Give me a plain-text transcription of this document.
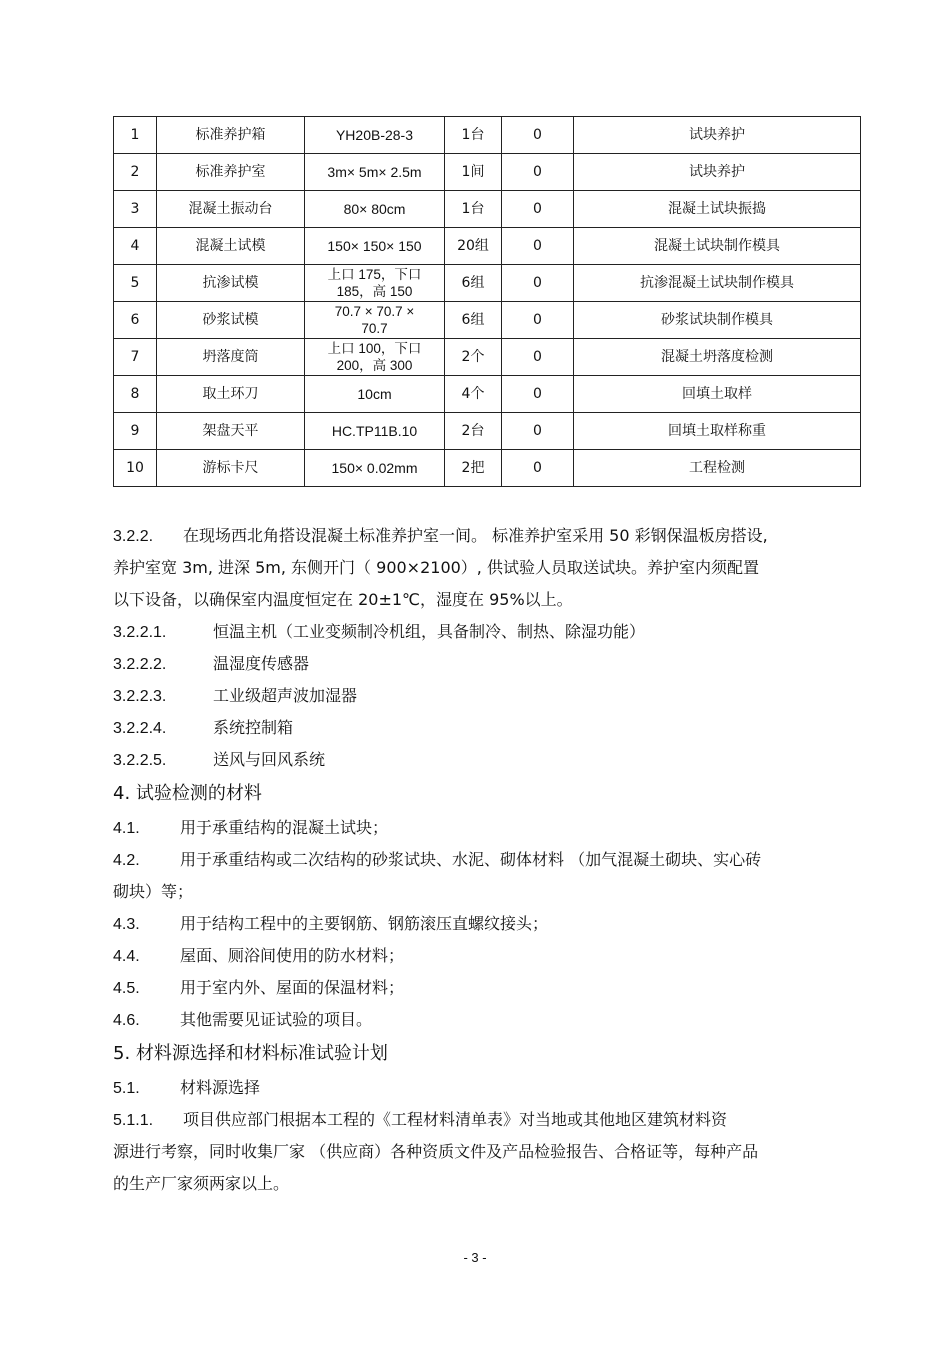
1	标准养护箱	YH20B-28-3	1台	0	试块养护
2	标准养护室	3m× 5m× 2.5m	1间	0	试块养护
3	混凝土振动台	80× 80cm	1台	0	混凝土试块振捣
4	混凝土试模	150× 150× 150	20组	0	混凝土试块制作模具
5	抗渗试模	上口 175，下口
185，高 150	6组	0	抗渗混凝土试块制作模具
6	砂浆试模	70.7 × 70.7 ×
70.7	6组	0	砂浆试块制作模具
7	坍落度筒	上口 100，下口
200，高 300	2个	0	混凝土坍落度检测
8	取土环刀	10cm	4个	0	回填土取样
9	架盘天平	HC.TP11B.10	2台	0	回填土取样称重
10	游标卡尺	150× 0.02mm	2把	0	工程检测
3.2.2. 在现场西北角搭设混凝土标准养护室一间。 标准养护室采用 50 彩钢保温板房搭设,
养护室宽 3m, 进深 5m, 东侧开门（ 900×2100）, 供试验人员取送试块。养护室内须配置
以下设备，以确保室内温度恒定在 20±1℃，湿度在 95%以上。
3.2.2.1.	恒温主机（工业变频制冷机组，具备制冷、制热、除湿功能）
3.2.2.2.	温湿度传感器
3.2.2.3.	工业级超声波加湿器
3.2.2.4.	系统控制箱
3.2.2.5.	送风与回风系统
4. 试验检测的材料
4.1.	用于承重结构的混凝土试块；
4.2.	用于承重结构或二次结构的砂浆试块、水泥、砌体材料 （加气混凝土砌块、实心砖
砌块）等；
4.3.	用于结构工程中的主要钢筋、钢筋滚压直螺纹接头；
4.4.	屋面、厕浴间使用的防水材料；
4.5.	用于室内外、屋面的保温材料；
4.6.	其他需要见证试验的项目。
5. 材料源选择和材料标准试验计划
5.1.	材料源选择
5.1.1. 项目供应部门根据本工程的《工程材料清单表》对当地或其他地区建筑材料资
源进行考察，同时收集厂家 （供应商）各种资质文件及产品检验报告、合格证等，每种产品
的生产厂家须两家以上。
- 3 -
